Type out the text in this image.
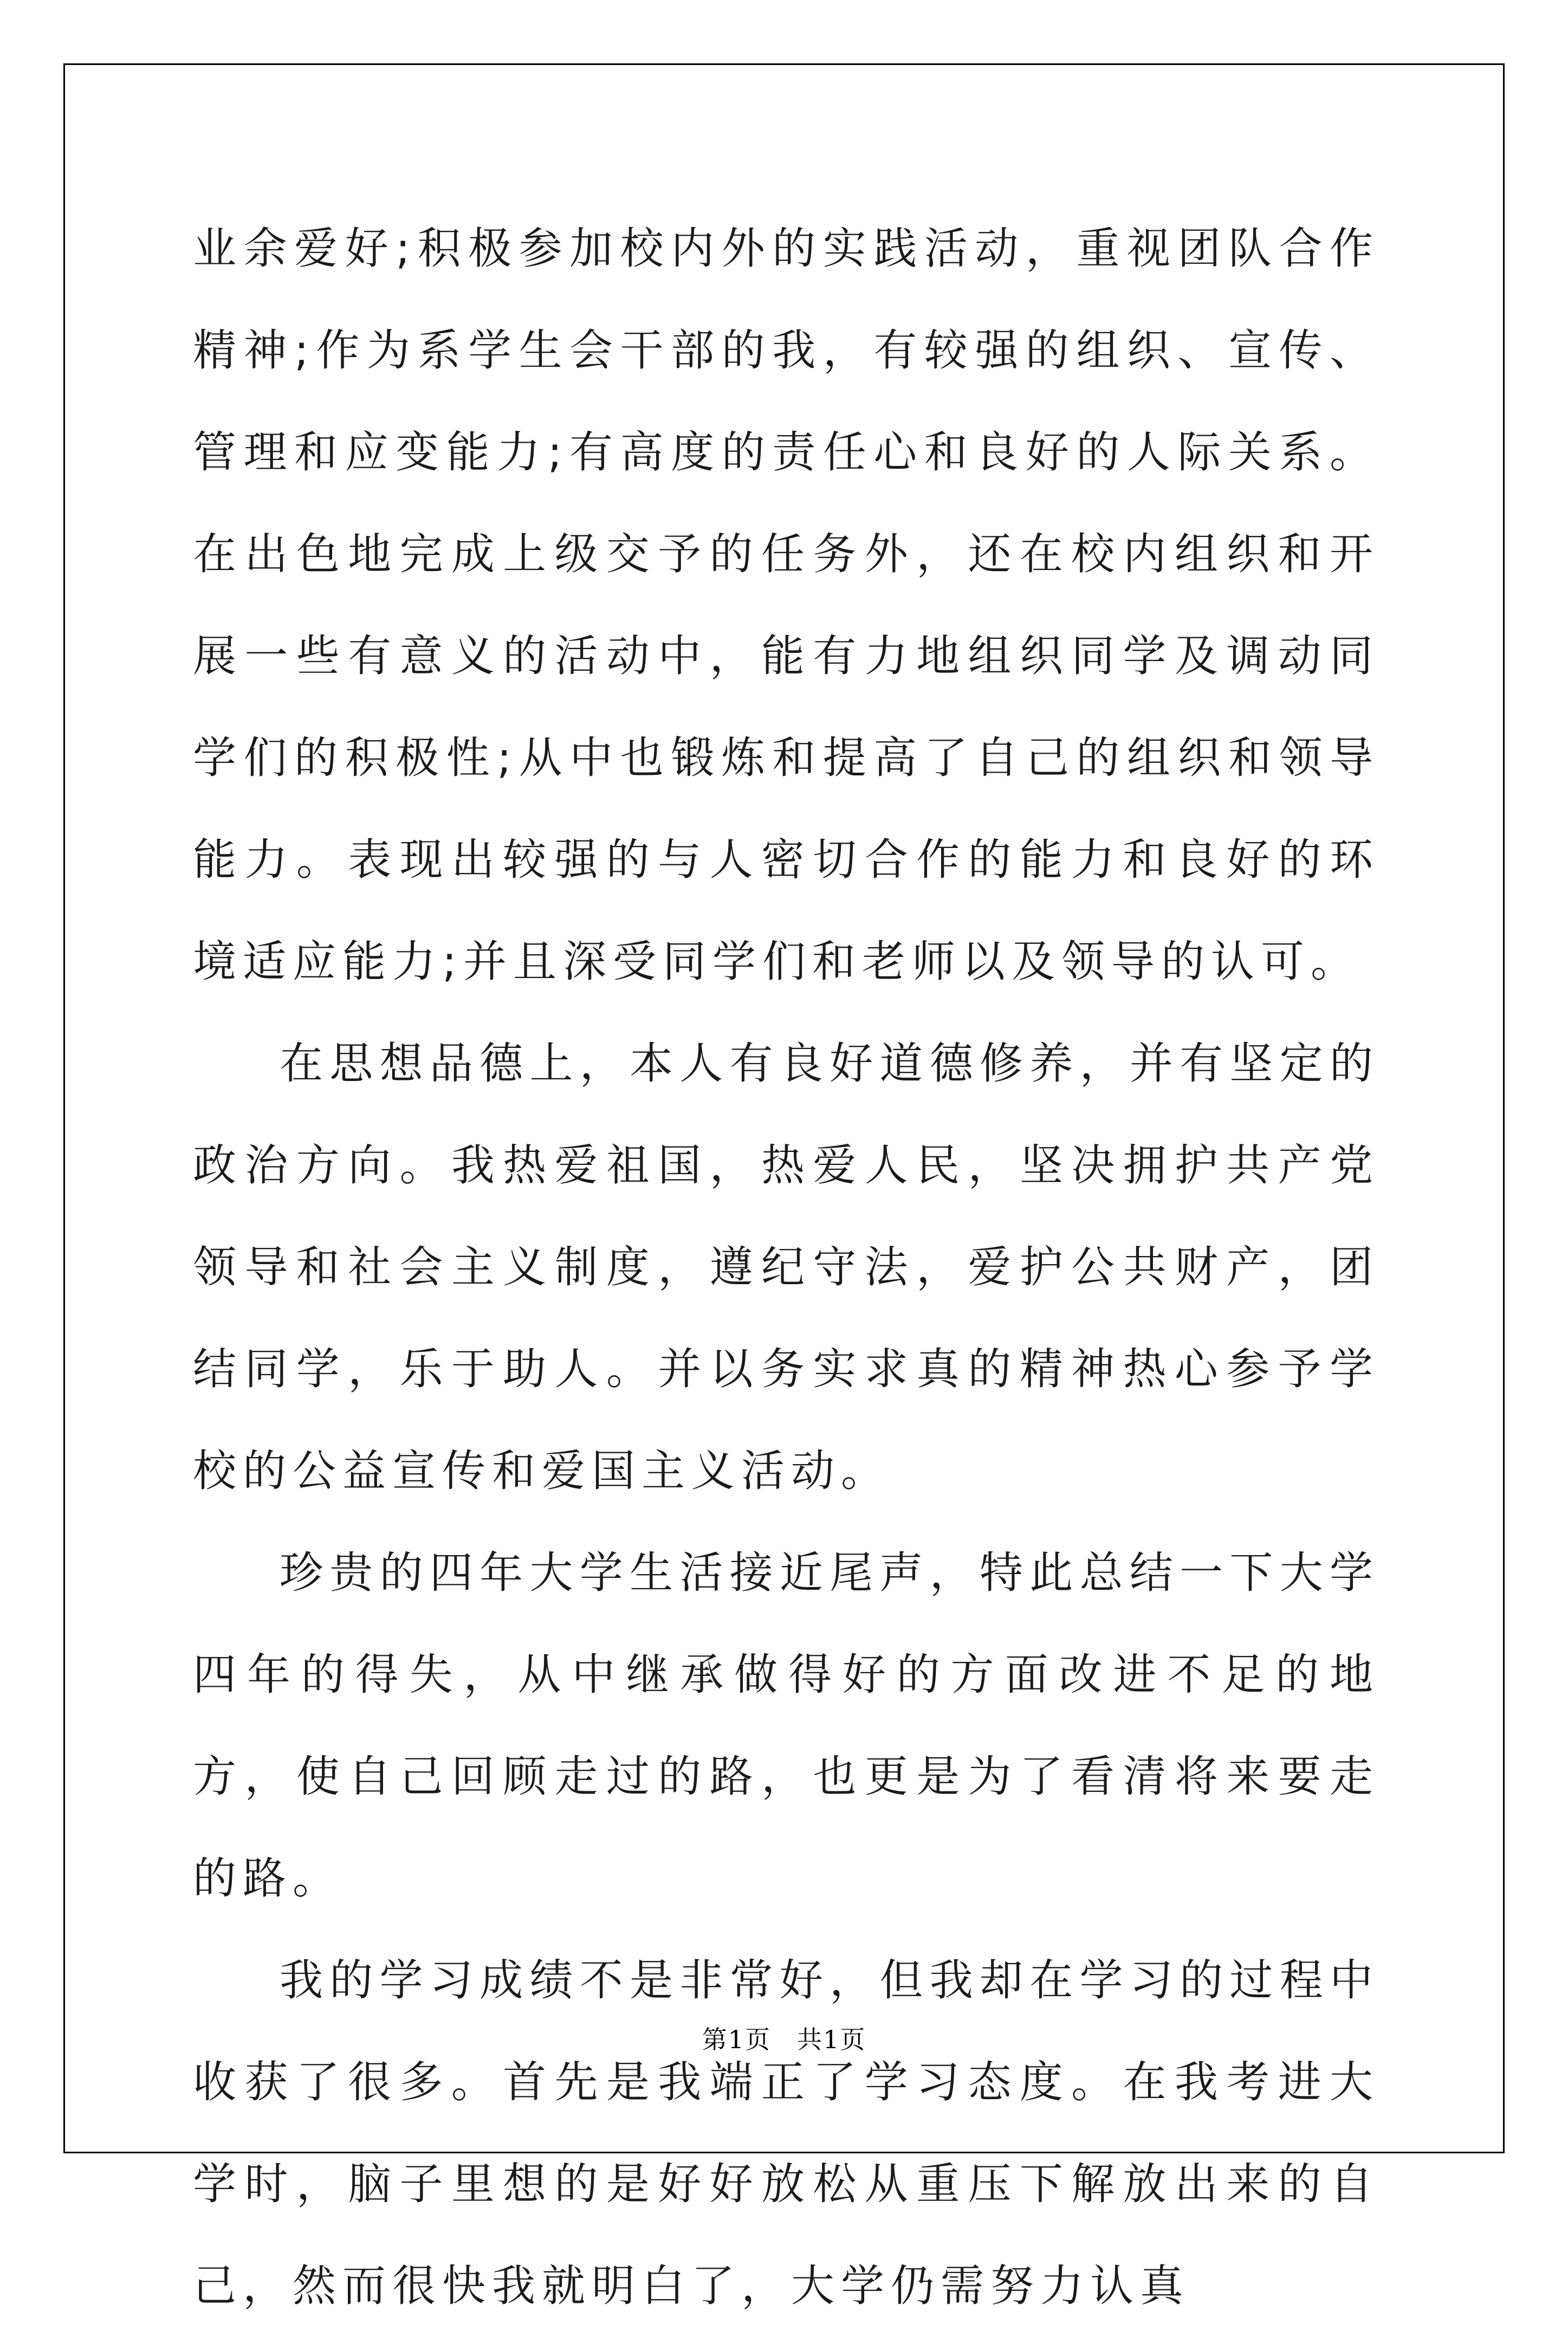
业余爱好;积极参加校内外的实践活动，重视团队合作精神;作为系学生会干部的我，有较强的组织、宣传、管理和应变能力;有高度的责任心和良好的人际关系。在出色地完成上级交予的任务外，还在校内组织和开展一些有意义的活动中，能有力地组织同学及调动同学们的积极性;从中也锻炼和提高了自己的组织和领导能力。表现出较强的与人密切合作的能力和良好的环境适应能力;并且深受同学们和老师以及领导的认可。

在思想品德上，本人有良好道德修养，并有坚定的政治方向。我热爱祖国，热爱人民，坚决拥护共产党领导和社会主义制度，遵纪守法，爱护公共财产，团结同学，乐于助人。并以务实求真的精神热心参予学校的公益宣传和爱国主义活动。

珍贵的四年大学生活接近尾声，特此总结一下大学四年的得失，从中继承做得好的方面改进不足的地方，使自己回顾走过的路，也更是为了看清将来要走的路。

我的学习成绩不是非常好，但我却在学习的过程中收获了很多。首先是我端正了学习态度。在我考进大学时，脑子里想的是好好放松从重压下解放出来的自己，然而很快我就明白了，大学仍需努力认真

第1页 共1页
